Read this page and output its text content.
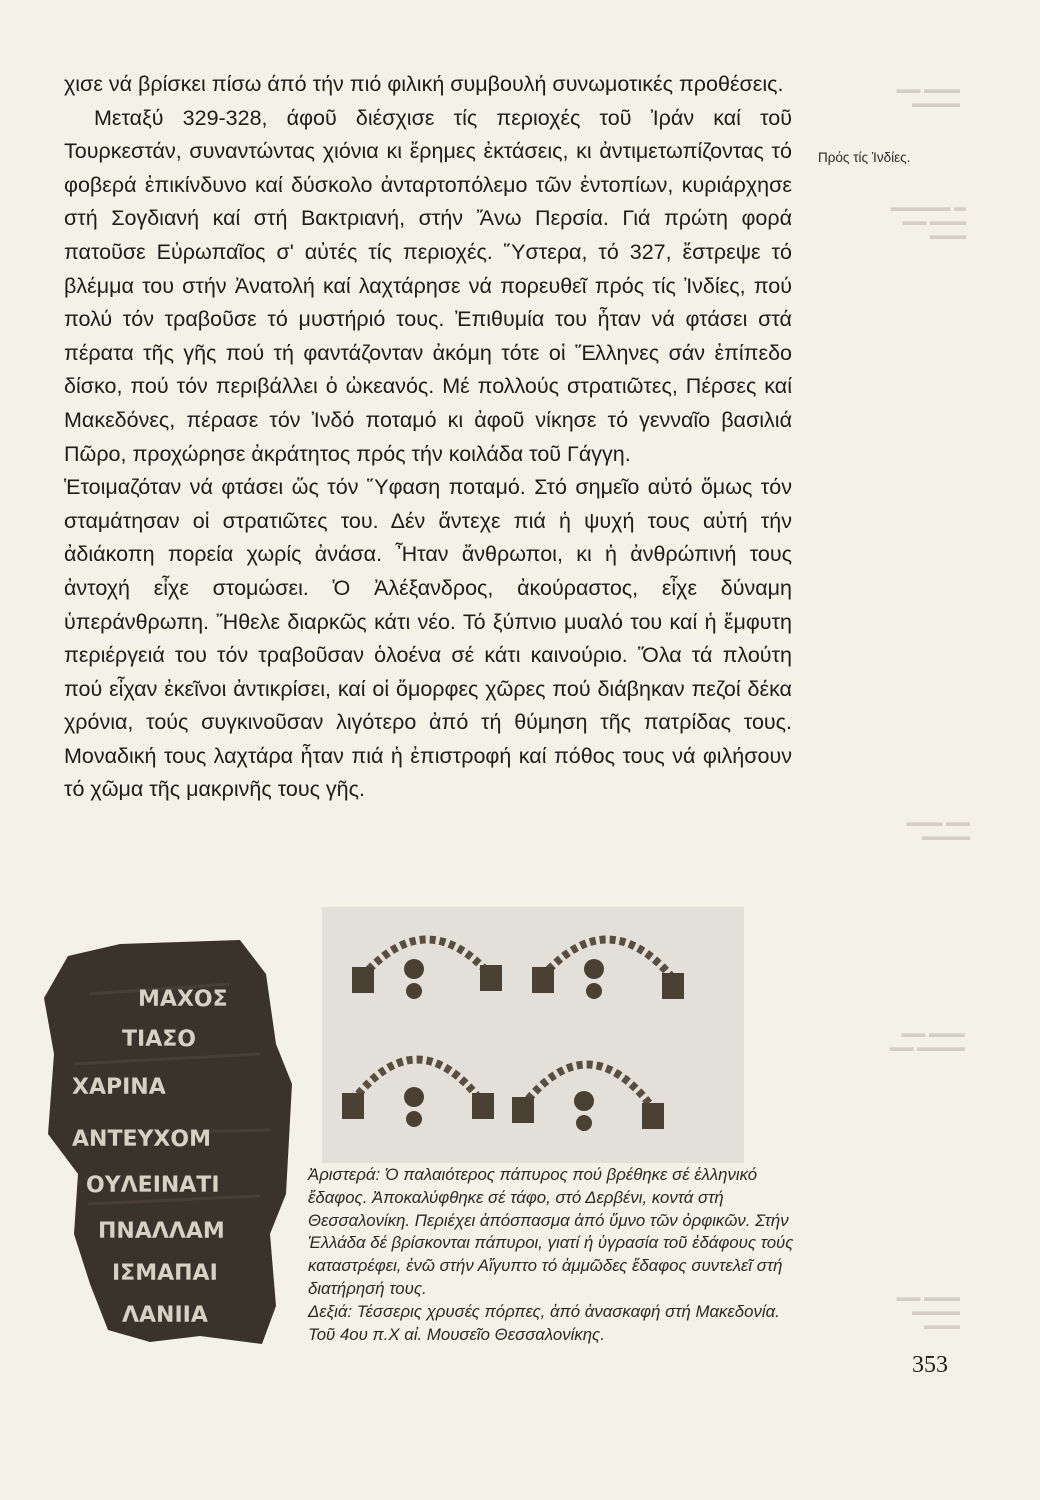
▬▬▬ ▬▬
▬▬▬▬
▬ ▬▬▬▬▬
▬▬▬ ▬▬
▬▬▬
▬▬ ▬▬▬
▬▬▬▬
▬▬▬ ▬▬
▬▬▬▬ ▬▬
▬▬▬ ▬▬
▬▬▬▬
▬▬▬

χισε νά βρίσκει πίσω άπό τήν πιό φιλική συμβουλή συνωμοτικές προθέσεις.

Μεταξύ 329-328, άφοῦ διέσχισε τίς περιοχές τοῦ Ἰράν καί τοῦ Τουρκεστάν, συναντώντας χιόνια κι ἔρημες ἐκτάσεις, κι ἀντιμετωπίζοντας τό φοβερά ἐπικίνδυνο καί δύσκολο ἀνταρτοπόλεμο τῶν ἐντοπίων, κυριάρχησε στή Σογδιανή καί στή Βακτριανή, στήν Ἄνω Περσία. Γιά πρώτη φορά πατοῦσε Εὐρωπαῖος σ' αὐτές τίς περιοχές. Ὕστερα, τό 327, ἔστρεψε τό βλέμμα του στήν Ἀνατολή καί λαχτάρησε νά πορευθεῖ πρός τίς Ἰνδίες, πού πολύ τόν τραβοῦσε τό μυστήριό τους. Ἐπιθυμία του ἦταν νά φτάσει στά πέρατα τῆς γῆς πού τή φαντάζονταν ἀκόμη τότε οἱ Ἕλληνες σάν ἐπίπεδο δίσκο, πού τόν περιβάλλει ὁ ὠκεανός. Μέ πολλούς στρατιῶτες, Πέρσες καί Μακεδόνες, πέρασε τόν Ἰνδό ποταμό κι ἀφοῦ νίκησε τό γενναῖο βασιλιά Πῶρο, προχώρησε ἀκράτητος πρός τήν κοιλάδα τοῦ Γάγγη.

Ἑτοιμαζόταν νά φτάσει ὥς τόν Ὕφαση ποταμό. Στό σημεῖο αὐτό ὅμως τόν σταμάτησαν οἱ στρατιῶτες του. Δέν ἄντεχε πιά ἡ ψυχή τους αὐτή τήν ἀδιάκοπη πορεία χωρίς ἀνάσα. Ἦταν ἄνθρωποι, κι ἡ ἀνθρώπινή τους ἀντοχή εἶχε στομώσει. Ὁ Ἀλέξανδρος, ἀκούραστος, εἶχε δύναμη ὑπεράνθρωπη. Ἤθελε διαρκῶς κάτι νέο. Τό ξύπνιο μυαλό του καί ἡ ἔμφυτη περιέργειά του τόν τραβοῦσαν ὁλοένα σέ κάτι καινούριο. Ὅλα τά πλούτη πού εἶχαν ἐκεῖνοι ἀντικρίσει, καί οἱ ὄμορφες χῶρες πού διάβηκαν πεζοί δέκα χρόνια, τούς συγκινοῦσαν λιγότερο ἀπό τή θύμηση τῆς πατρίδας τους. Μοναδική τους λαχτάρα ἦταν πιά ἡ ἐπιστροφή καί πόθος τους νά φιλήσουν τό χῶμα τῆς μακρινῆς τους γῆς.

Πρός τίς Ἰνδίες.
ΜΑΧΟΣ
ΤΙΑΣΟ
ΧΑΡΙΝΑ
ΑΝΤΕΥΧΟΜ
ΟΥΛΕΙΝΑΤΙ
ΠΝΑΛΛΑΜ
ΙΣΜΑΠΑΙ
ΛΑΝΙΙΑ

Ἀριστερά: Ὁ παλαιότερος πάπυρος πού βρέθηκε σέ ἑλληνικό ἔδαφος. Ἀποκαλύφθηκε σέ τάφο, στό Δερβένι, κοντά στή Θεσσαλονίκη. Περιέχει ἀπόσπασμα ἀπό ὕμνο τῶν ὀρφικῶν. Στήν Ἑλλάδα δέ βρίσκονται πάπυροι, γιατί ἡ ὑγρασία τοῦ ἐδάφους τούς καταστρέφει, ἐνῶ στήν Αἴγυπτο τό ἀμμῶδες ἔδαφος συντελεῖ στή διατήρησή τους.

Δεξιά: Τέσσερις χρυσές πόρπες, ἀπό ἀνασκαφή στή Μακεδονία. Τοῦ 4ου π.Χ αἰ. Μουσεῖο Θεσσαλονίκης.

353
